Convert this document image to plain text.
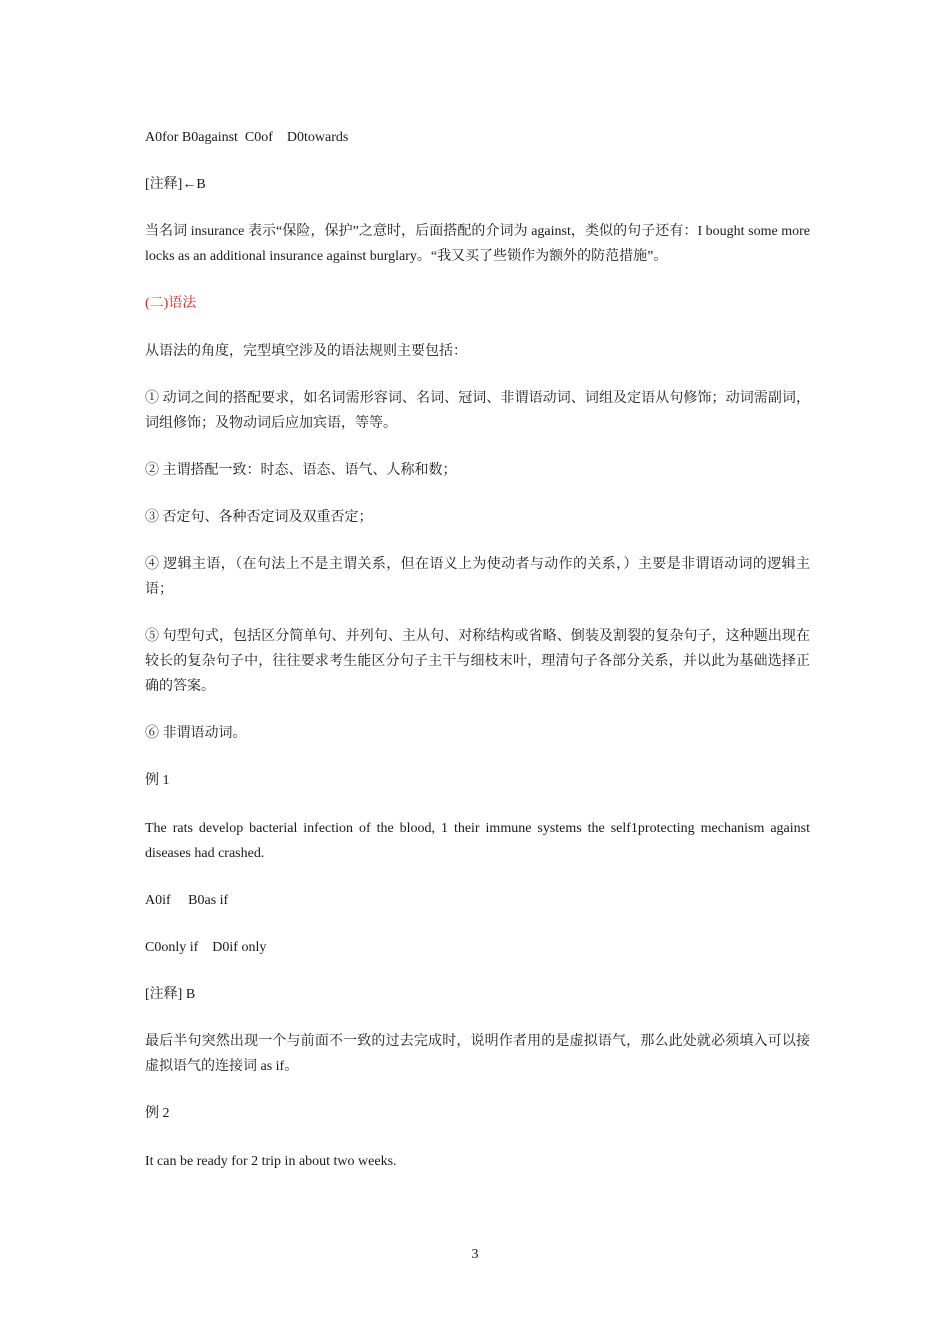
A0for B0against  C0of    D0towards

[注释]←B

当名词 insurance 表示“保险，保护”之意时，后面搭配的介词为 against，类似的句子还有：I bought some more locks as an additional insurance against burglary。“我又买了些锁作为额外的防范措施”。

(二)语法

从语法的角度，完型填空涉及的语法规则主要包括：

① 动词之间的搭配要求，如名词需形容词、名词、冠词、非谓语动词、词组及定语从句修饰；动词需副词，词组修饰；及物动词后应加宾语，等等。

② 主谓搭配一致：时态、语态、语气、人称和数；

③ 否定句、各种否定词及双重否定；

④ 逻辑主语，（在句法上不是主谓关系，但在语义上为使动者与动作的关系，）主要是非谓语动词的逻辑主语；

⑤ 句型句式，包括区分简单句、并列句、主从句、对称结构或省略、倒装及割裂的复杂句子，这种题出现在较长的复杂句子中，往往要求考生能区分句子主干与细枝末叶，理清句子各部分关系，并以此为基础选择正确的答案。

⑥ 非谓语动词。

例 1

The rats develop bacterial infection of the blood, 1 their immune systems the self1protecting mechanism against diseases had crashed.

A0if     B0as if

C0only if    D0if only

[注释] B

最后半句突然出现一个与前面不一致的过去完成时，说明作者用的是虚拟语气，那么此处就必须填入可以接虚拟语气的连接词 as if。

例 2

It can be ready for 2 trip in about two weeks.

3
